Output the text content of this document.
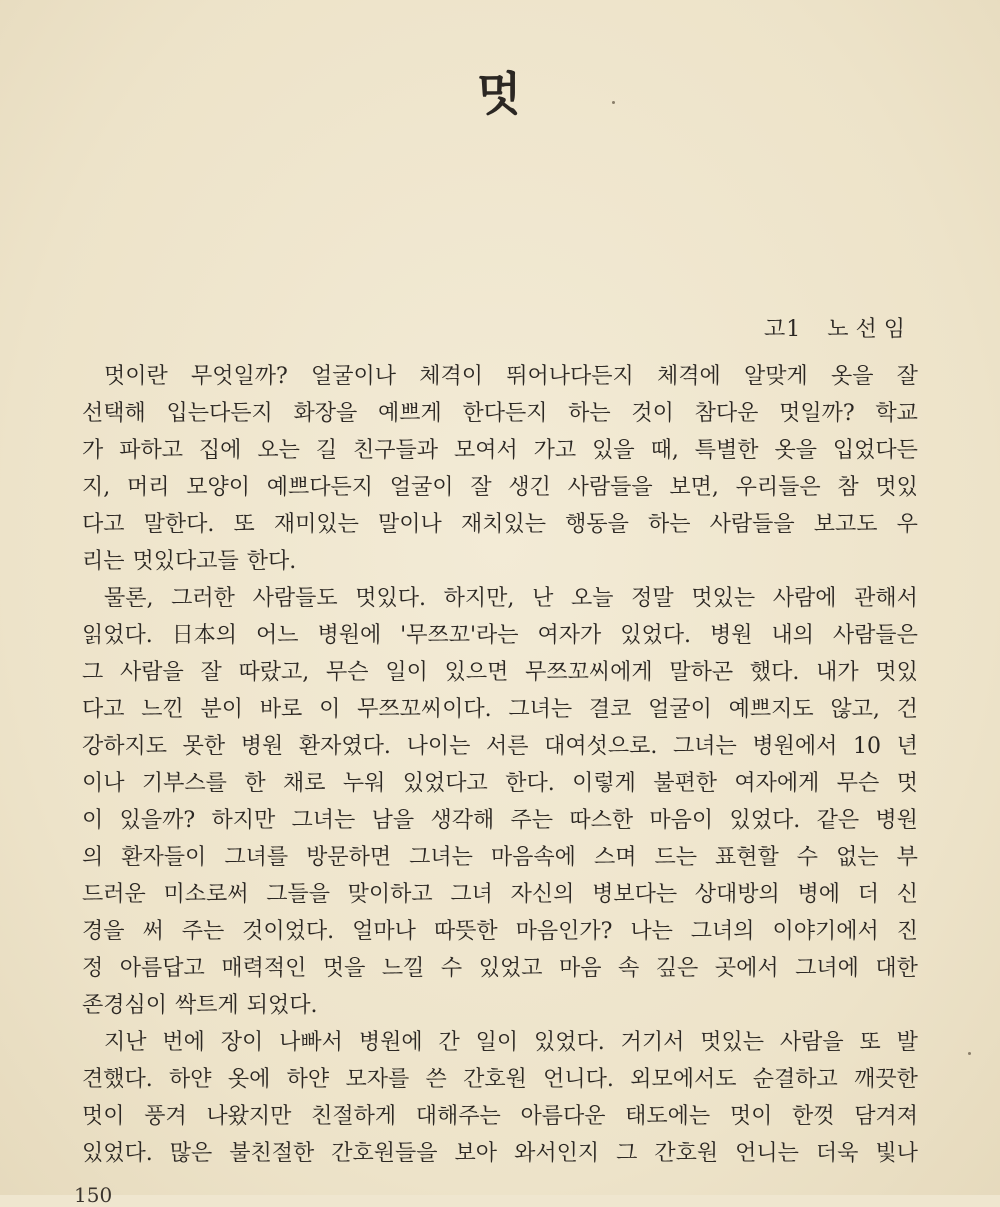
멋
고1 노선임
멋이란 무엇일까? 얼굴이나 체격이 뛰어나다든지 체격에 알맞게 옷을 잘
선택해 입는다든지 화장을 예쁘게 한다든지 하는 것이 참다운 멋일까? 학교
가 파하고 집에 오는 길 친구들과 모여서 가고 있을 때, 특별한 옷을 입었다든
지, 머리 모양이 예쁘다든지 얼굴이 잘 생긴 사람들을 보면, 우리들은 참 멋있
다고 말한다. 또 재미있는 말이나 재치있는 행동을 하는 사람들을 보고도 우
리는 멋있다고들 한다.
물론, 그러한 사람들도 멋있다. 하지만, 난 오늘 정말 멋있는 사람에 관해서
읽었다. 日本의 어느 병원에 '무쯔꼬'라는 여자가 있었다. 병원 내의 사람들은
그 사람을 잘 따랐고, 무슨 일이 있으면 무쯔꼬씨에게 말하곤 했다. 내가 멋있
다고 느낀 분이 바로 이 무쯔꼬씨이다. 그녀는 결코 얼굴이 예쁘지도 않고, 건
강하지도 못한 병원 환자였다. 나이는 서른 대여섯으로. 그녀는 병원에서 10 년
이나 기부스를 한 채로 누워 있었다고 한다. 이렇게 불편한 여자에게 무슨 멋
이 있을까? 하지만 그녀는 남을 생각해 주는 따스한 마음이 있었다. 같은 병원
의 환자들이 그녀를 방문하면 그녀는 마음속에 스며 드는 표현할 수 없는 부
드러운 미소로써 그들을 맞이하고 그녀 자신의 병보다는 상대방의 병에 더 신
경을 써 주는 것이었다. 얼마나 따뜻한 마음인가? 나는 그녀의 이야기에서 진
정 아름답고 매력적인 멋을 느낄 수 있었고 마음 속 깊은 곳에서 그녀에 대한
존경심이 싹트게 되었다.
지난 번에 장이 나빠서 병원에 간 일이 있었다. 거기서 멋있는 사람을 또 발
견했다. 하얀 옷에 하얀 모자를 쓴 간호원 언니다. 외모에서도 순결하고 깨끗한
멋이 풍겨 나왔지만 친절하게 대해주는 아름다운 태도에는 멋이 한껏 담겨져
있었다. 많은 불친절한 간호원들을 보아 와서인지 그 간호원 언니는 더욱 빛나
150
